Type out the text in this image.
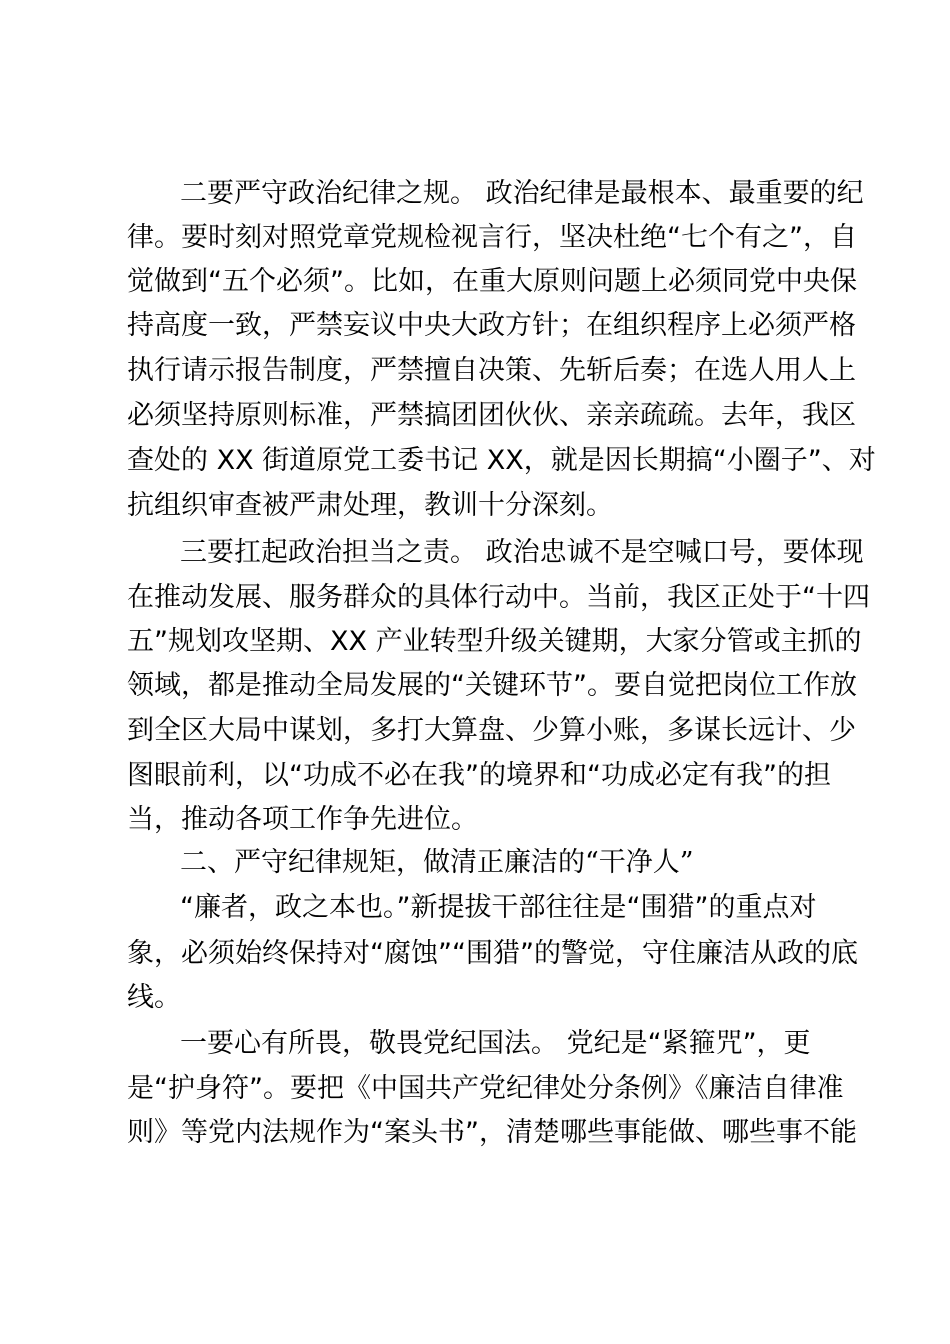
二要严守政治纪律之规。 政治纪律是最根本、最重要的纪
律。要时刻对照党章党规检视言行，坚决杜绝“七个有之”，自
觉做到“五个必须”。比如，在重大原则问题上必须同党中央保
持高度一致，严禁妄议中央大政方针；在组织程序上必须严格
执行请示报告制度，严禁擅自决策、先斩后奏；在选人用人上
必须坚持原则标准，严禁搞团团伙伙、亲亲疏疏。去年，我区
查处的 XX 街道原党工委书记 XX，就是因长期搞“小圈子”、对
抗组织审查被严肃处理，教训十分深刻。
三要扛起政治担当之责。 政治忠诚不是空喊口号，要体现
在推动发展、服务群众的具体行动中。当前，我区正处于“十四
五”规划攻坚期、XX 产业转型升级关键期，大家分管或主抓的
领域，都是推动全局发展的“关键环节”。要自觉把岗位工作放
到全区大局中谋划，多打大算盘、少算小账，多谋长远计、少
图眼前利，以“功成不必在我”的境界和“功成必定有我”的担
当，推动各项工作争先进位。
二、严守纪律规矩，做清正廉洁的“干净人”
“廉者，政之本也。”新提拔干部往往是“围猎”的重点对
象，必须始终保持对“腐蚀”“围猎”的警觉，守住廉洁从政的底
线。
一要心有所畏，敬畏党纪国法。 党纪是“紧箍咒”，更
是“护身符”。要把《中国共产党纪律处分条例》《廉洁自律准
则》等党内法规作为“案头书”，清楚哪些事能做、哪些事不能
